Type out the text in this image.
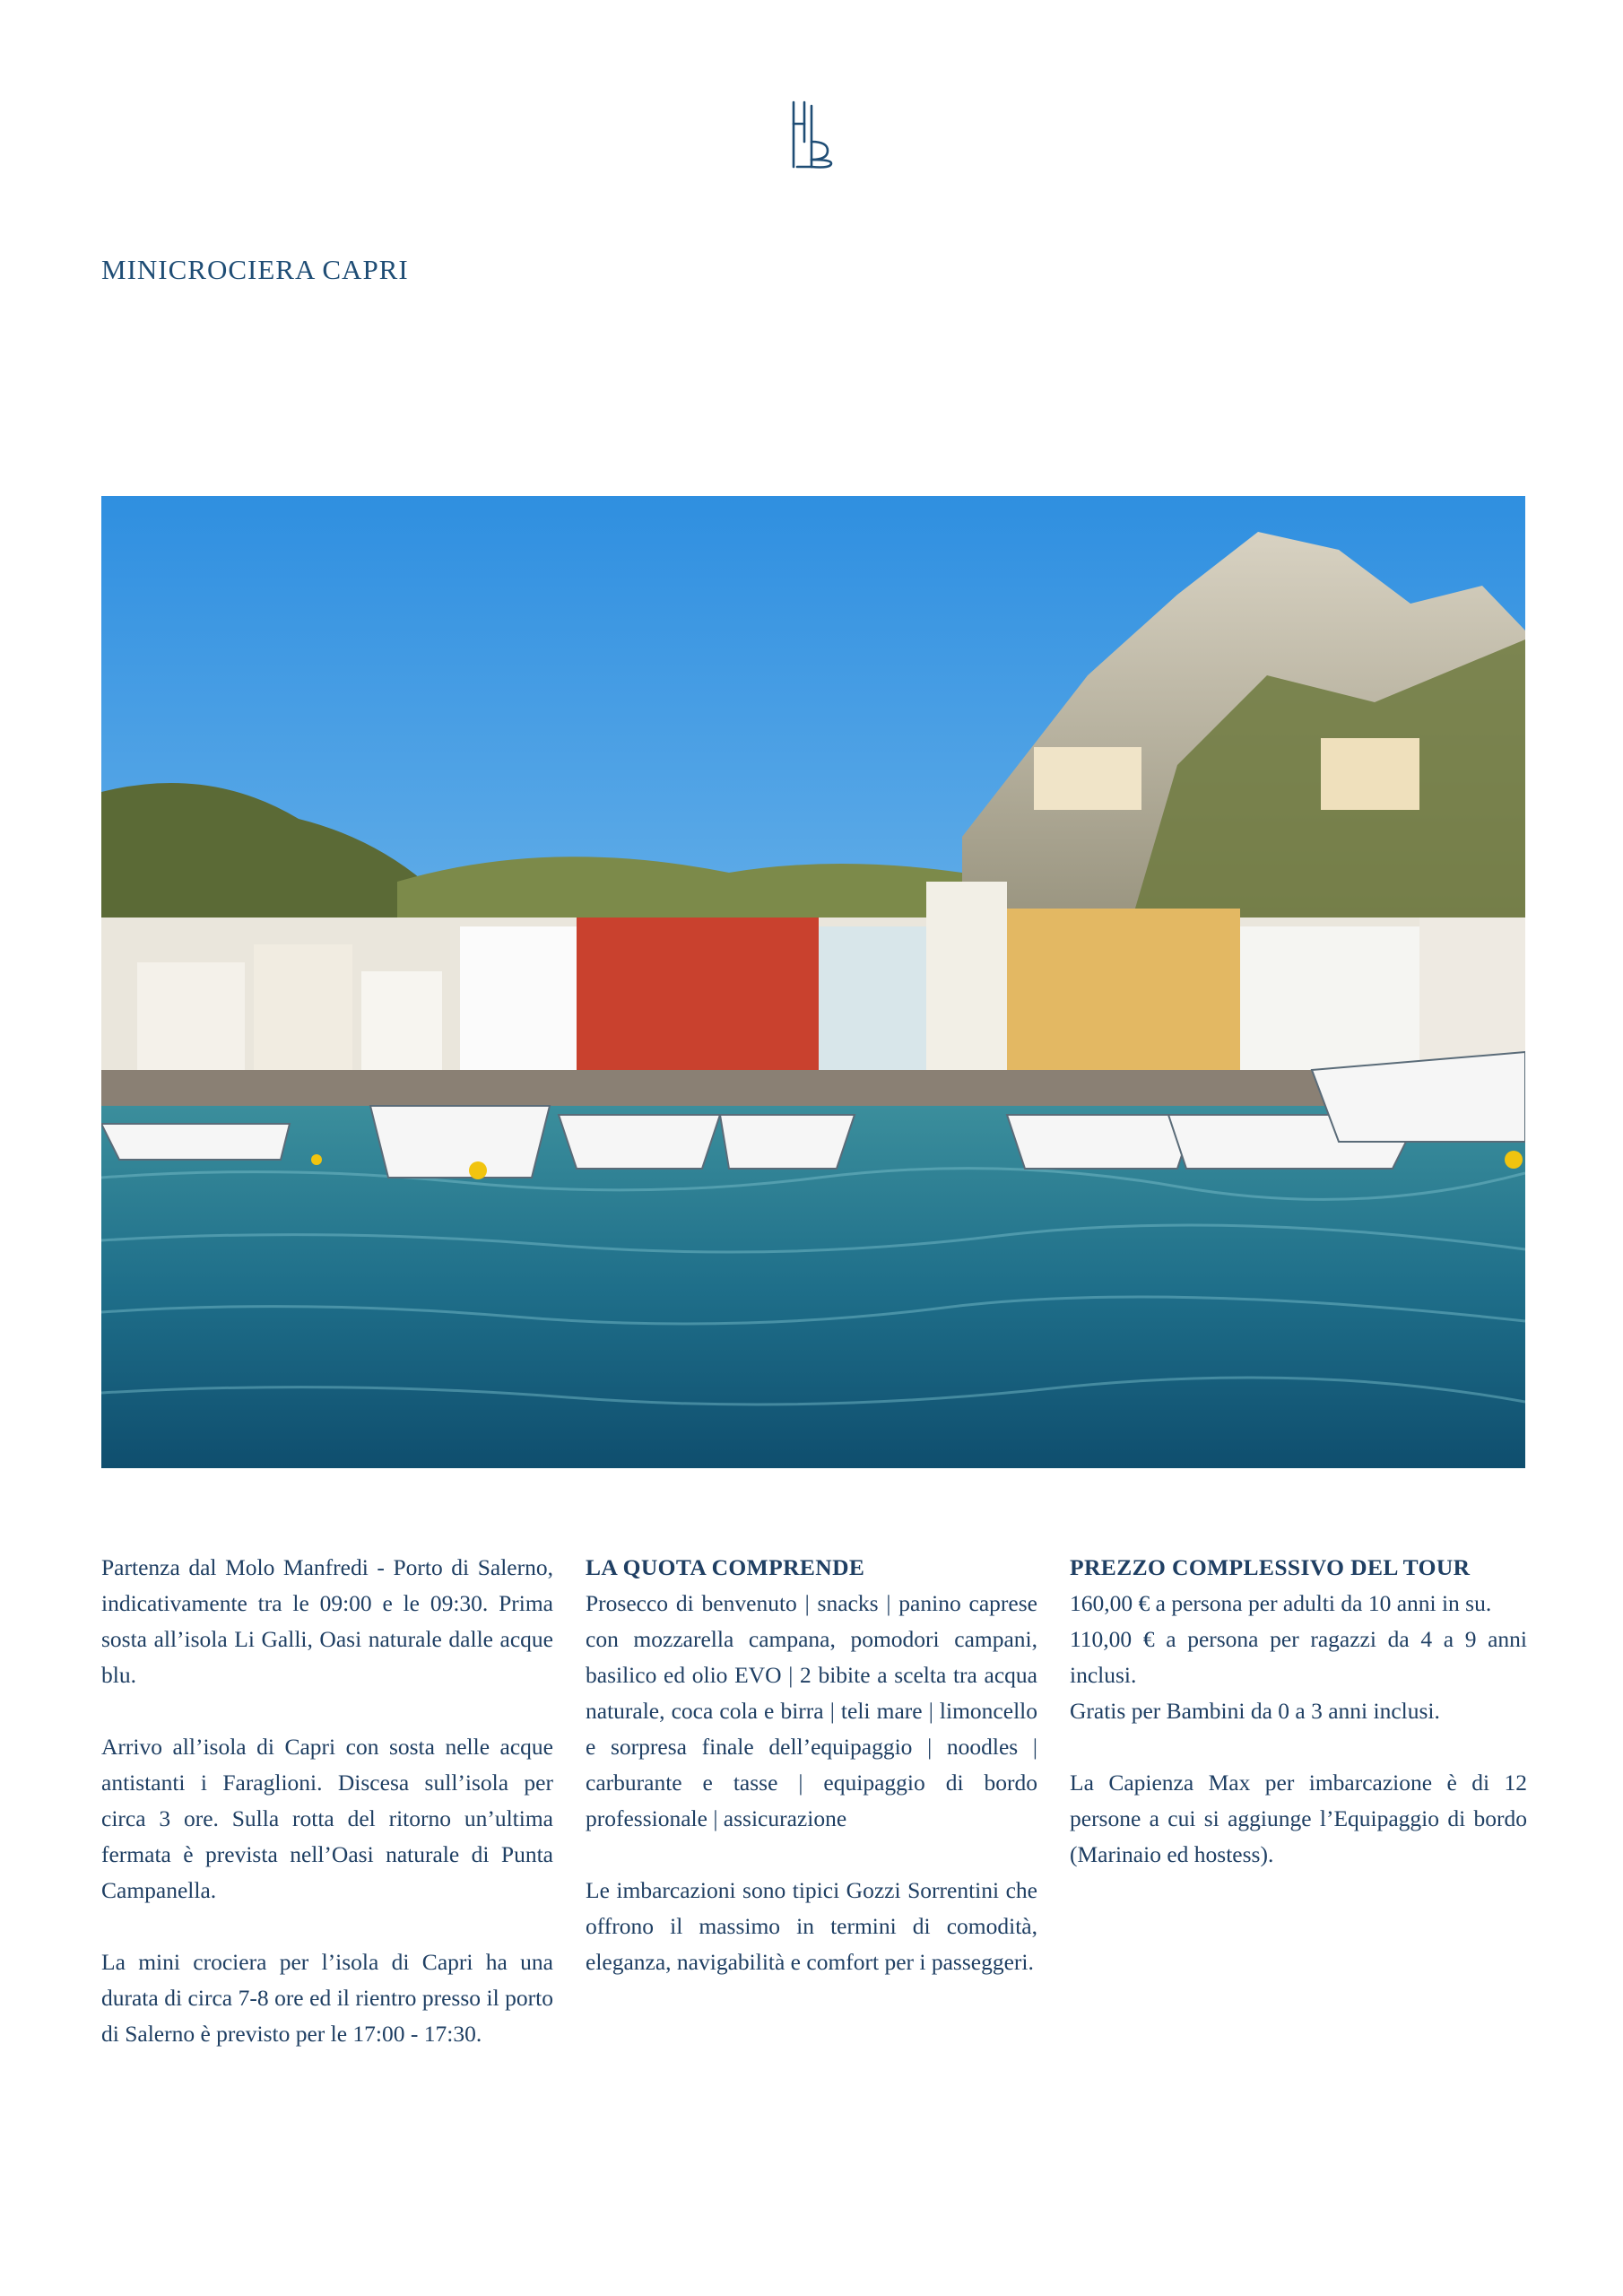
MINICROCIERA CAPRI

Partenza dal Molo Manfredi - Porto di Salerno, indicativamente tra le 09:00 e le 09:30. Prima sosta all’isola Li Galli, Oasi naturale dalle acque blu.

Arrivo all’isola di Capri con sosta nelle acque antistanti i Faraglioni. Discesa sull’isola per circa 3 ore. Sulla rotta del ritorno un’ultima fermata è prevista nell’Oasi naturale di Punta Campanella.

La mini crociera per l’isola di Capri ha una durata di circa 7-8 ore ed il rientro presso il porto di Salerno è previsto per le 17:00 - 17:30.

LA QUOTA COMPRENDE

Prosecco di benvenuto | snacks | panino caprese con mozzarella campana, pomodori campani, basilico ed olio EVO | 2 bibite a scelta tra acqua naturale, coca cola e birra | teli mare | limoncello e sorpresa finale dell’equipaggio | noodles | carburante e tasse | equipaggio di bordo professionale | assicurazione

Le imbarcazioni sono tipici Gozzi Sorrentini che offrono il massimo in termini di comodità, eleganza, navigabilità e comfort per i passeggeri.

PREZZO COMPLESSIVO DEL TOUR
160,00 € a persona per adulti da 10 anni in su.
110,00 € a persona per ragazzi da 4 a 9 anni inclusi.
Gratis per Bambini da 0 a 3 anni inclusi.
La Capienza Max per imbarcazione è di 12 persone a cui si aggiunge l’Equipaggio di bordo (Marinaio ed hostess).
